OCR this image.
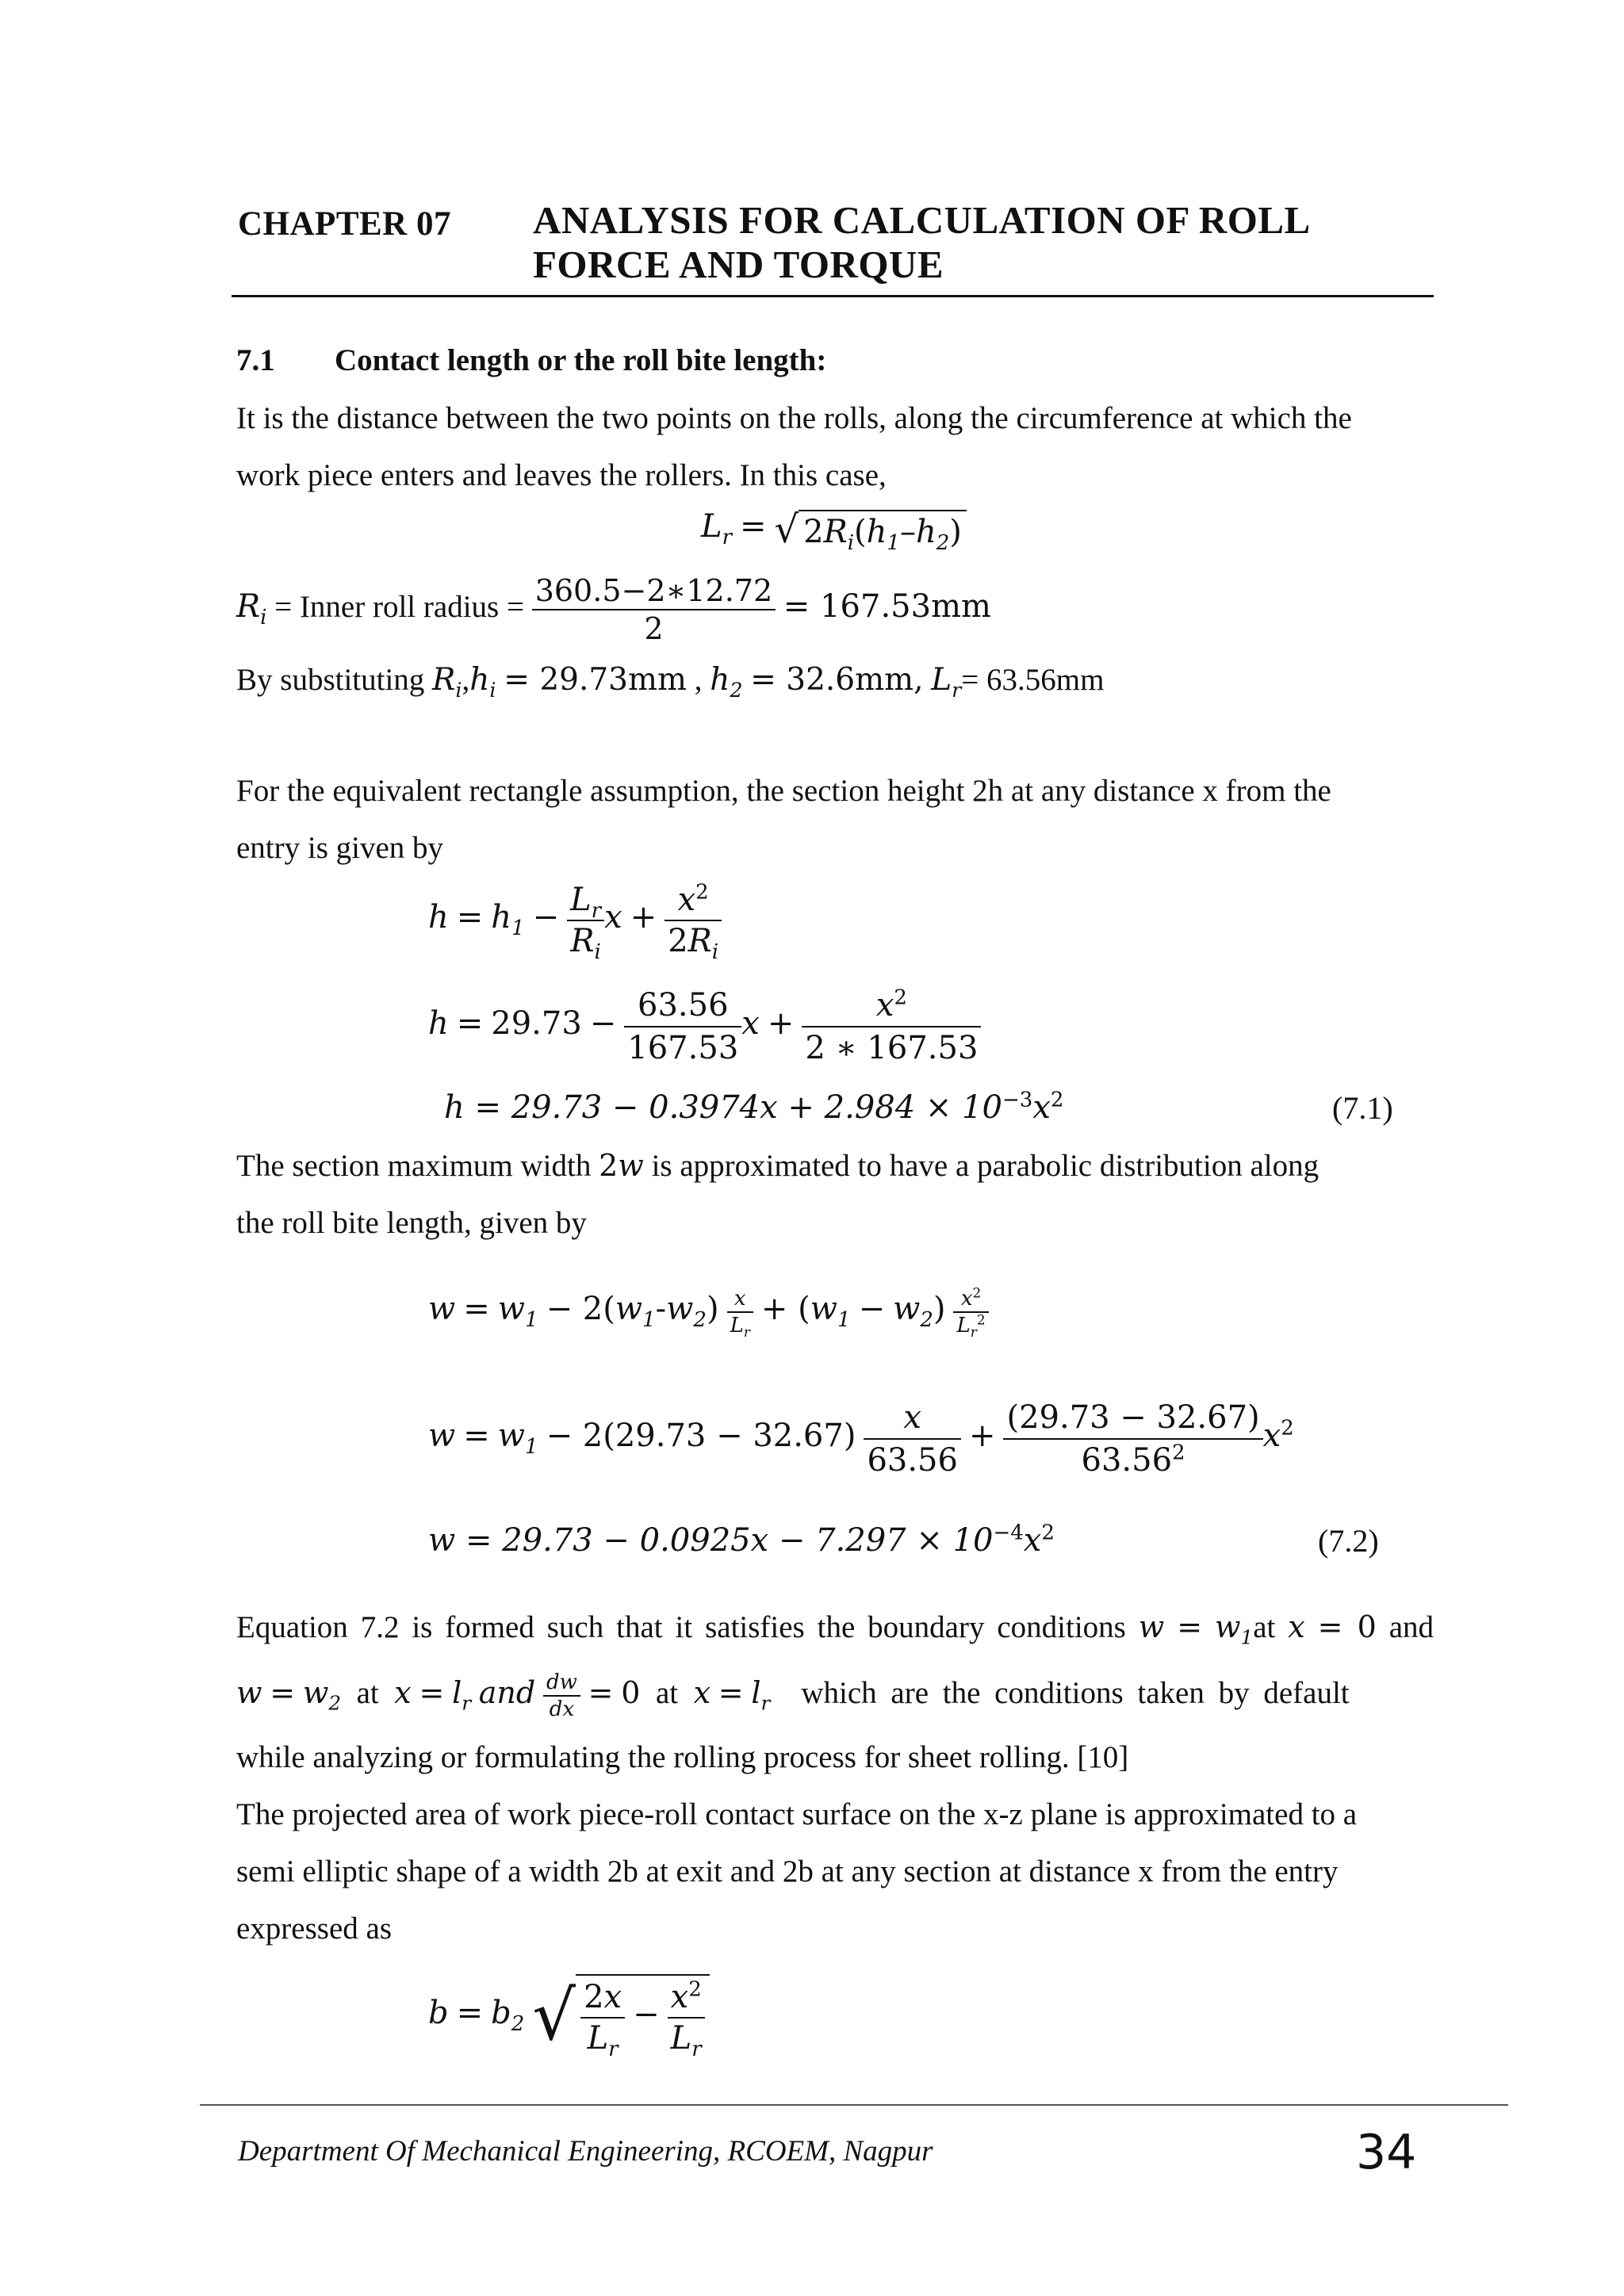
CHAPTER 07 ANALYSIS FOR CALCULATION OF ROLL
FORCE AND TORQUE
7.1 Contact length or the roll bite length:
It is the distance between the two points on the rolls, along the circumference at which the
work piece enters and leaves the rollers. In this case,
$L_r$ = √ $2R_i(h_1-h_2)$
$R_i$ = Inner roll radius = $\frac{360.5-2∗12.72}{2} = 167.53mm$
By substituting $R_i,h_i = 29.73mm$ , $h_2 = 32.6mm$, $L_r= 63.56mm$
For the equivalent rectangle assumption, the section height 2h at any distance x from the
entry is given by
$h = h_1 - \frac{L_r}{R_i}$ $x + \frac{x^2}{2R_i}$
$h = 29.73 - \frac{63.56}{167.53}$ $x + \frac{x^2}{2 ∗ 167.53}$
$h = 29.73 - 0.3974x + 2.984 \times 10^{-3}x^2$	(7.1)
The section maximum width 2w is approximated to have a parabolic distribution along
the roll bite length, given by
$w = w_1 - 2(w_1-w_2) \frac{x}{L_r} + (w_1 - w_2) \frac{x^2}{L_r^2}$
$w = w_1 - 2(29.73 - 32.67) \frac{x}{63.56} + \frac{(29.73 - 32.67)}{63.56^2} x^2$
$w = 29.73 - 0.0925x - 7.297 \times 10^{-4}x^2$	(7.2)
Equation 7.2 is formed such that it satisfies the boundary conditions $w = w_1at$ x = 0 and
$w = w_2$ at $x = l_r$ and $\frac{dw}{dx} = 0$ at $x = l_r$ which are the conditions taken by default
while analyzing or formulating the rolling process for sheet rolling. [10]
The projected area of work piece-roll contact surface on the x-z plane is approximated to a
semi elliptic shape of a width 2b at exit and 2b at any section at distance x from the entry
expressed as
$b = b_2$ √ $\frac{2x}{L_r} - \frac{x^2}{L_r}$
Department Of Mechanical Engineering, RCOEM, Nagpur	34
